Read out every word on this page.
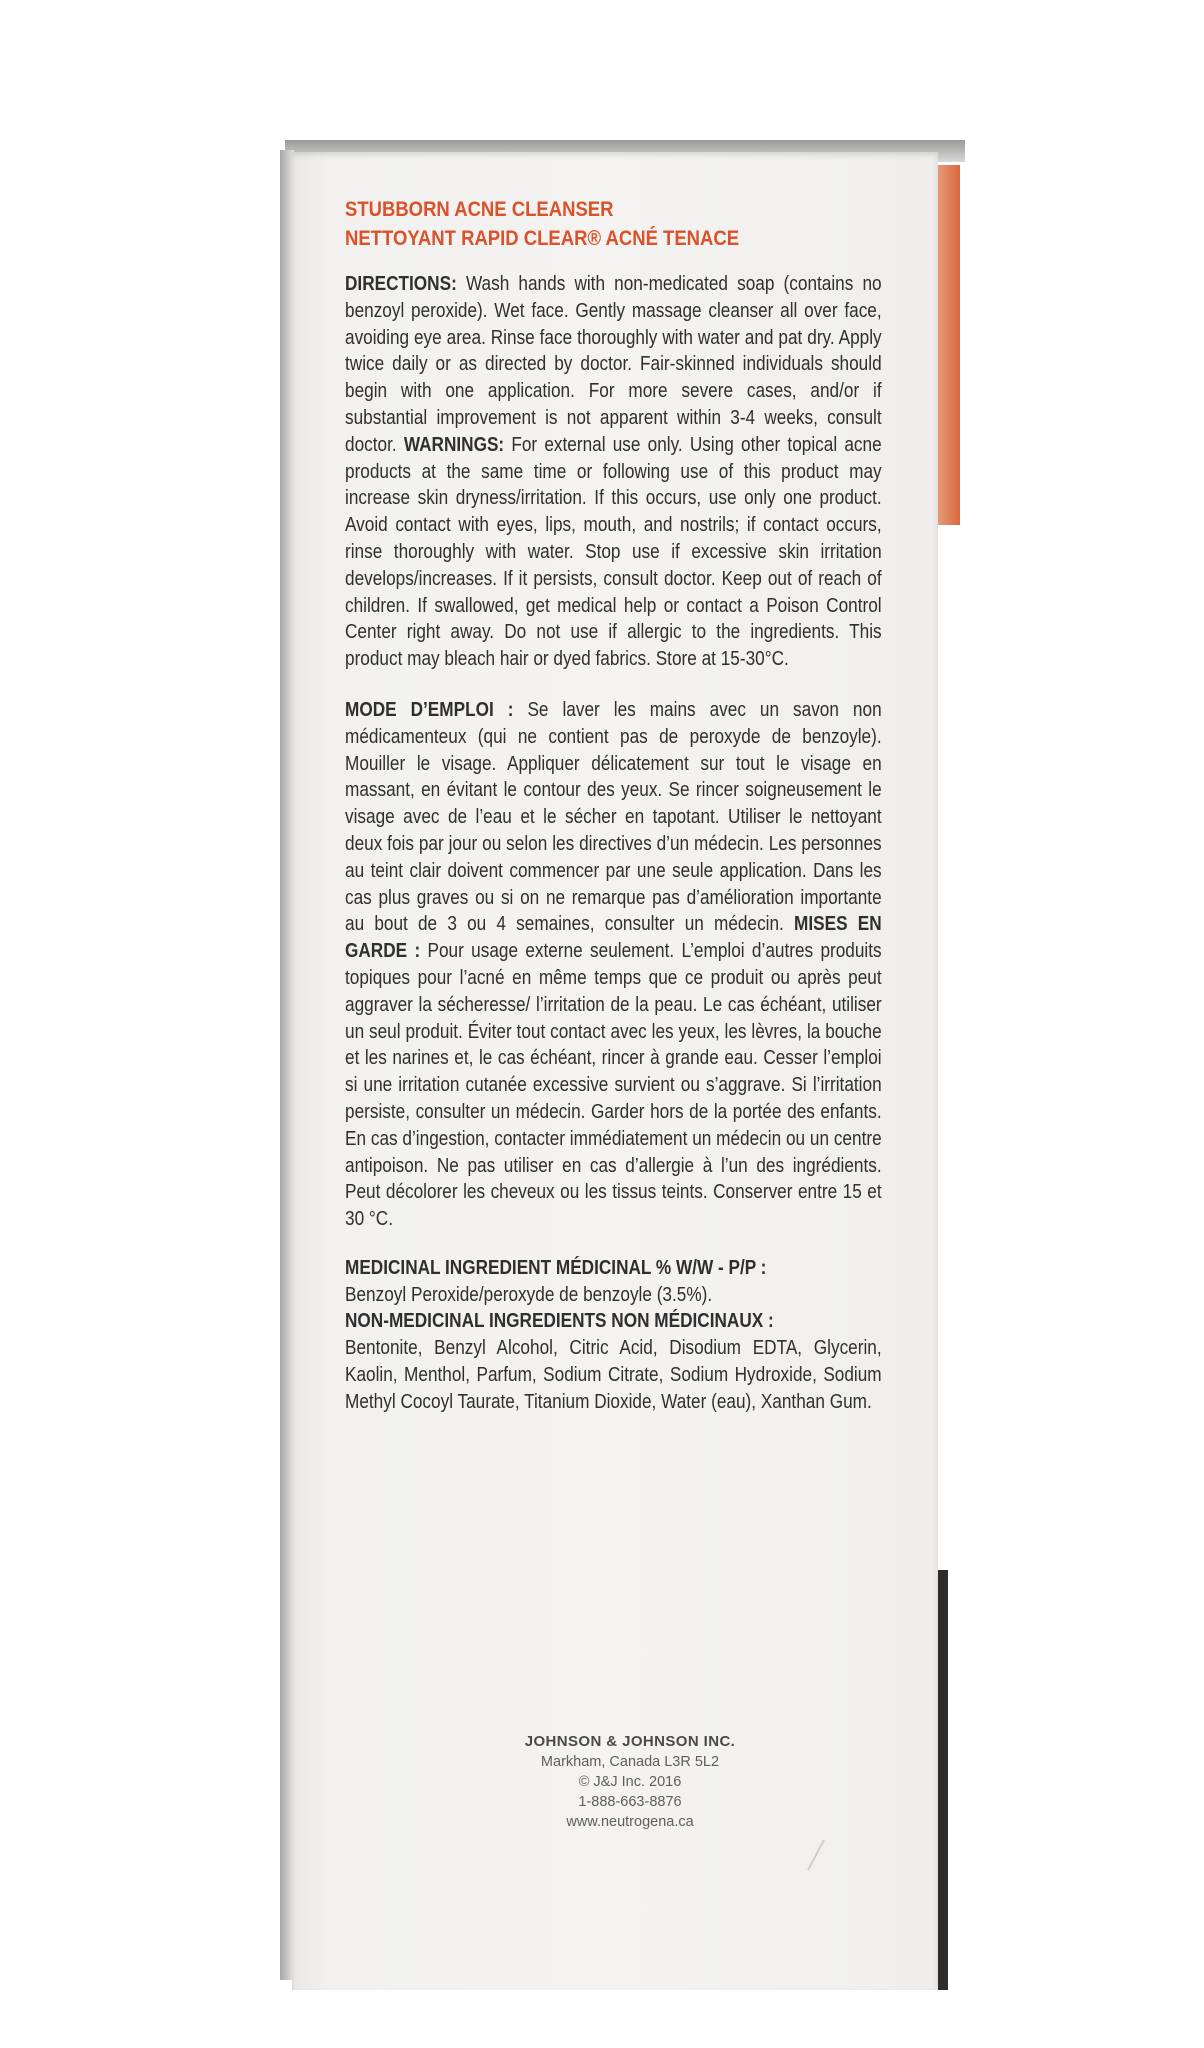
STUBBORN ACNE CLEANSER

NETTOYANT RAPID CLEAR® ACNÉ TENACE

DIRECTIONS: Wash hands with non-medicated soap (contains no benzoyl peroxide). Wet face. Gently massage cleanser all over face, avoiding eye area. Rinse face thoroughly with water and pat dry. Apply twice daily or as directed by doctor. Fair-skinned individuals should begin with one application. For more severe cases, and/or if substantial improvement is not apparent within 3-4 weeks, consult doctor. WARNINGS: For external use only. Using other topical acne products at the same time or following use of this product may increase skin dryness/irritation. If this occurs, use only one product. Avoid contact with eyes, lips, mouth, and nostrils; if contact occurs, rinse thoroughly with water. Stop use if excessive skin irritation develops/increases. If it persists, consult doctor. Keep out of reach of children. If swallowed, get medical help or contact a Poison Control Center right away. Do not use if allergic to the ingredients. This product may bleach hair or dyed fabrics. Store at 15-30°C.

MODE D’EMPLOI : Se laver les mains avec un savon non médicamenteux (qui ne contient pas de peroxyde de benzoyle). Mouiller le visage. Appliquer délicatement sur tout le visage en massant, en évitant le contour des yeux. Se rincer soigneusement le visage avec de l’eau et le sécher en tapotant. Utiliser le nettoyant deux fois par jour ou selon les directives d’un médecin. Les personnes au teint clair doivent commencer par une seule application. Dans les cas plus graves ou si on ne remarque pas d’amélioration importante au bout de 3 ou 4 semaines, consulter un médecin. MISES EN GARDE : Pour usage externe seulement. L’emploi d’autres produits topiques pour l’acné en même temps que ce produit ou après peut aggraver la sécheresse/ l’irritation de la peau. Le cas échéant, utiliser un seul produit. Éviter tout contact avec les yeux, les lèvres, la bouche et les narines et, le cas échéant, rincer à grande eau. Cesser l’emploi si une irritation cutanée excessive survient ou s’aggrave. Si l’irritation persiste, consulter un médecin. Garder hors de la portée des enfants. En cas d’ingestion, contacter immédiatement un médecin ou un centre antipoison. Ne pas utiliser en cas d’allergie à l’un des ingrédients. Peut décolorer les cheveux ou les tissus teints. Conserver entre 15 et 30 °C.

MEDICINAL INGREDIENT MÉDICINAL % W/W - P/P :
Benzoyl Peroxide/peroxyde de benzoyle (3.5%).
NON-MEDICINAL INGREDIENTS NON MÉDICINAUX :
Bentonite, Benzyl Alcohol, Citric Acid, Disodium EDTA, Glycerin, Kaolin, Menthol, Parfum, Sodium Citrate, Sodium Hydroxide, Sodium Methyl Cocoyl Taurate, Titanium Dioxide, Water (eau), Xanthan Gum.

JOHNSON & JOHNSON INC.
Markham, Canada L3R 5L2
© J&J Inc. 2016
1-888-663-8876
www.neutrogena.ca
